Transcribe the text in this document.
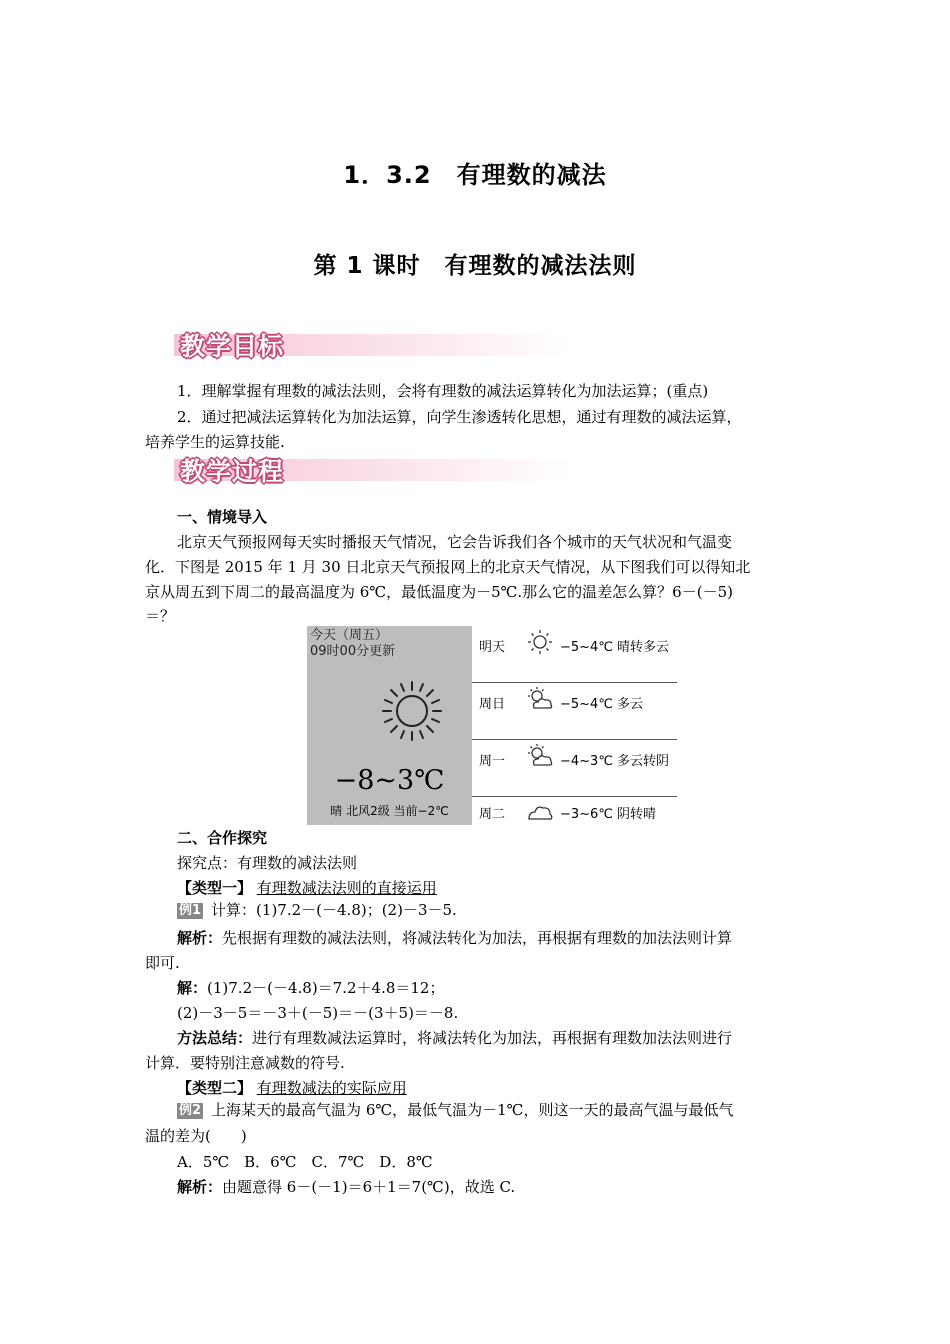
1．3.2　有理数的减法
第 1 课时　有理数的减法法则
教学目标
1．理解掌握有理数的减法法则，会将有理数的减法运算转化为加法运算；(重点)
2．通过把减法运算转化为加法运算，向学生渗透转化思想，通过有理数的减法运算，
培养学生的运算技能.
教学过程
一、情境导入
北京天气预报网每天实时播报天气情况，它会告诉我们各个城市的天气状况和气温变
化．下图是 2015 年 1 月 30 日北京天气预报网上的北京天气情况，从下图我们可以得知北
京从周五到下周二的最高温度为 6℃，最低温度为－5℃.那么它的温差怎么算？6－(－5)
＝？
今天（周五）
09时00分更新
−8~3℃
晴 北风2级 当前−2℃
明天	−5~4℃ 晴转多云
周日	−5~4℃ 多云
周一	−4~3℃ 多云转阴
周二	−3~6℃ 阴转晴
二、合作探究
探究点：有理数的减法法则
【类型一】 有理数减法法则的直接运用
例1 计算：(1)7.2－(－4.8)；(2)－3－5.
解析：先根据有理数的减法法则，将减法转化为加法，再根据有理数的加法法则计算
即可.
解：(1)7.2－(－4.8)＝7.2＋4.8＝12；
(2)－3－5＝－3＋(－5)＝－(3＋5)＝－8.
方法总结：进行有理数减法运算时，将减法转化为加法，再根据有理数加法法则进行
计算．要特别注意减数的符号.
【类型二】 有理数减法的实际应用
例2 上海某天的最高气温为 6℃，最低气温为－1℃，则这一天的最高气温与最低气
温的差为(　　)
A．5℃　B．6℃　C．7℃　D．8℃
解析：由题意得 6－(－1)＝6＋1＝7(℃)，故选 C.
